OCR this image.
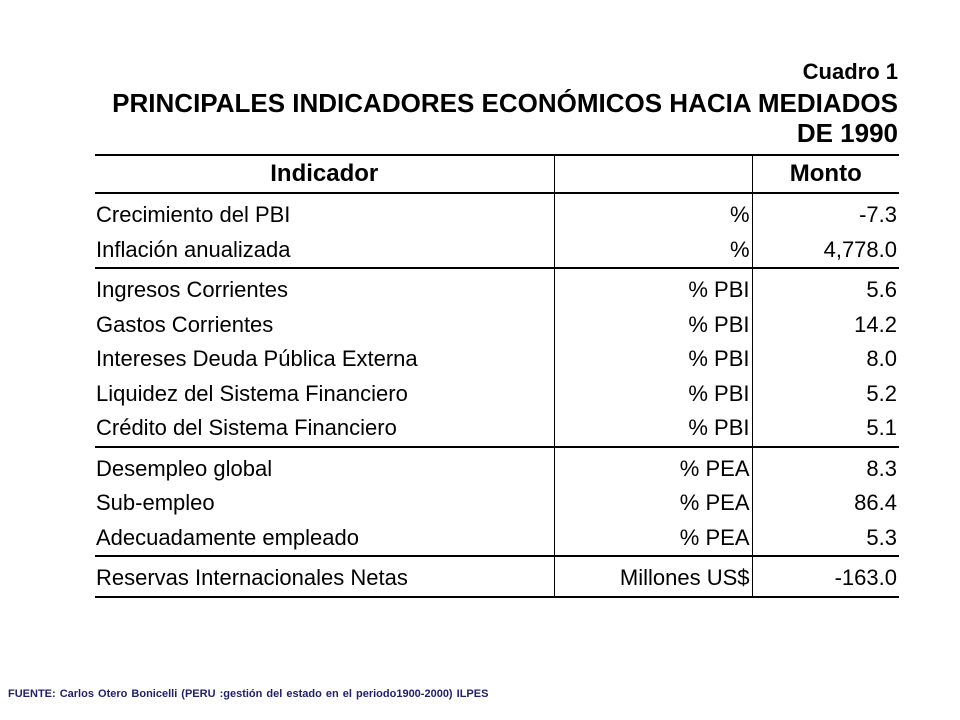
Cuadro 1
PRINCIPALES INDICADORES ECONÓMICOS HACIA MEDIADOS
DE 1990
Indicador		Monto
Crecimiento del PBI	%	-7.3
Inflación anualizada	%	4,778.0
Ingresos Corrientes	% PBI	5.6
Gastos Corrientes	% PBI	14.2
Intereses Deuda Pública Externa	% PBI	8.0
Liquidez del Sistema Financiero	% PBI	5.2
Crédito del Sistema Financiero	% PBI	5.1
Desempleo global	% PEA	8.3
Sub-empleo	% PEA	86.4
Adecuadamente empleado	% PEA	5.3
Reservas Internacionales Netas	Millones US$	-163.0
FUENTE: Carlos Otero Bonicelli (PERU :gestión del estado en el periodo1900-2000) ILPES
